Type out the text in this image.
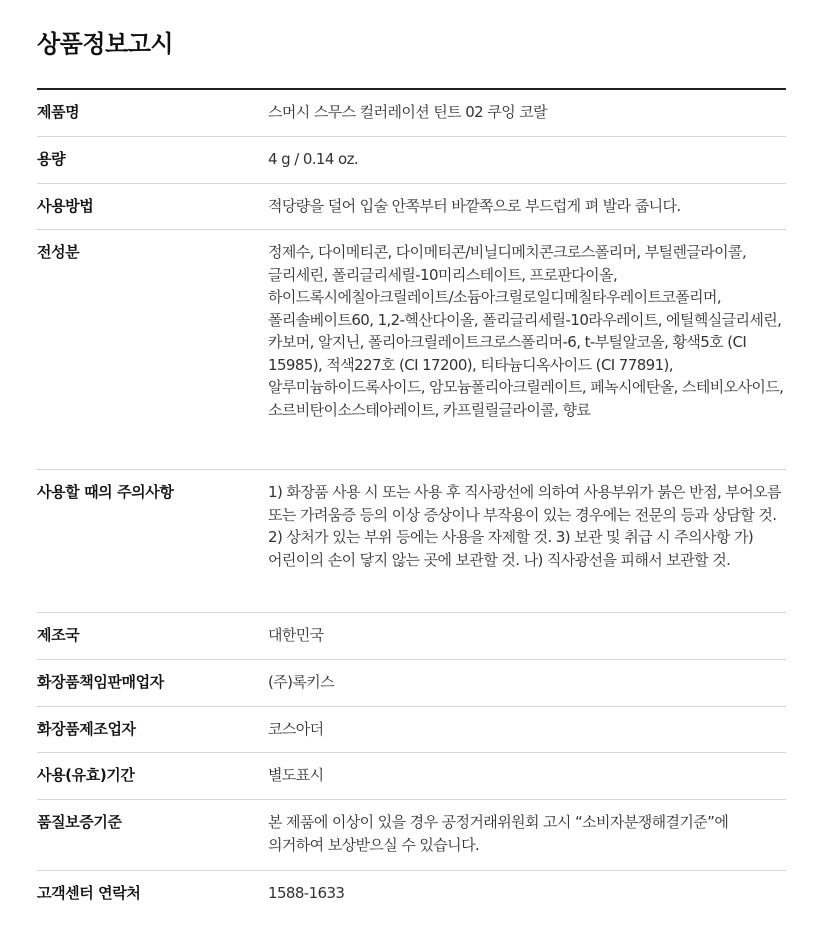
상품정보고시
제품명	스머시 스무스 컬러레이션 틴트 02 쿠잉 코랄
용량	4 g / 0.14 oz.
사용방법	적당량을 덜어 입술 안쪽부터 바깥쪽으로 부드럽게 펴 발라 줍니다.
전성분	정제수, 다이메티콘, 다이메티콘/비닐디메치콘크로스폴리머, 부틸렌글라이콜, 글리세린, 폴리글리세릴-10미리스테이트, 프로판다이올, 하이드록시에칠아크릴레이트/소듐아크릴로일디메칠타우레이트코폴리머, 폴리솔베이트60, 1,2-헥산다이올, 폴리글리세릴-10라우레이트, 에틸헥실글리세린, 카보머, 알지닌, 폴리아크릴레이트크로스폴리머-6, t-부틸알코올, 황색5호 (CI 15985), 적색227호 (CI 17200), 티타늄디옥사이드 (CI 77891), 알루미늄하이드록사이드, 암모늄폴리아크릴레이트, 페녹시에탄올, 스테비오사이드, 소르비탄이소스테아레이트, 카프릴릴글라이콜, 향료
사용할 때의 주의사항	1) 화장품 사용 시 또는 사용 후 직사광선에 의하여 사용부위가 붉은 반점, 부어오름 또는 가려움증 등의 이상 증상이나 부작용이 있는 경우에는 전문의 등과 상담할 것. 2) 상처가 있는 부위 등에는 사용을 자제할 것. 3) 보관 및 취급 시 주의사항 가) 어린이의 손이 닿지 않는 곳에 보관할 것. 나) 직사광선을 피해서 보관할 것.
제조국	대한민국
화장품책임판매업자	(주)록키스
화장품제조업자	코스아더
사용(유효)기간	별도표시
품질보증기준	본 제품에 이상이 있을 경우 공정거래위원회 고시 “소비자분쟁해결기준”에 의거하여 보상받으실 수 있습니다.
고객센터 연락처	1588-1633
